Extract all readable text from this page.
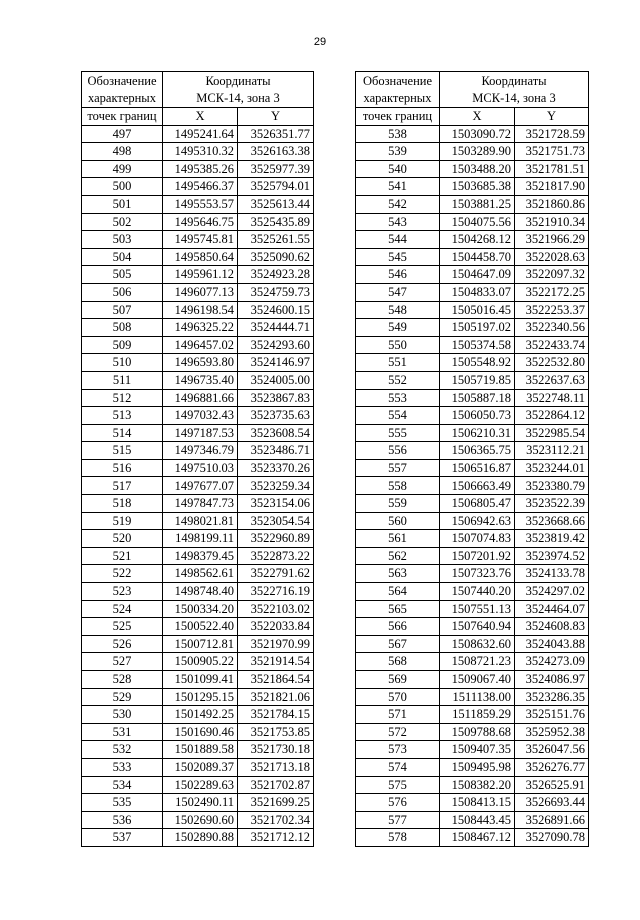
29
Обозначение
характерных	Координаты
МСК-14, зона 3	

точек границ	X	Y
497	1495241.64	3526351.77
498	1495310.32	3526163.38
499	1495385.26	3525977.39
500	1495466.37	3525794.01
501	1495553.57	3525613.44
502	1495646.75	3525435.89
503	1495745.81	3525261.55
504	1495850.64	3525090.62
505	1495961.12	3524923.28
506	1496077.13	3524759.73
507	1496198.54	3524600.15
508	1496325.22	3524444.71
509	1496457.02	3524293.60
510	1496593.80	3524146.97
511	1496735.40	3524005.00
512	1496881.66	3523867.83
513	1497032.43	3523735.63
514	1497187.53	3523608.54
515	1497346.79	3523486.71
516	1497510.03	3523370.26
517	1497677.07	3523259.34
518	1497847.73	3523154.06
519	1498021.81	3523054.54
520	1498199.11	3522960.89
521	1498379.45	3522873.22
522	1498562.61	3522791.62
523	1498748.40	3522716.19
524	1500334.20	3522103.02
525	1500522.40	3522033.84
526	1500712.81	3521970.99
527	1500905.22	3521914.54
528	1501099.41	3521864.54
529	1501295.15	3521821.06
530	1501492.25	3521784.15
531	1501690.46	3521753.85
532	1501889.58	3521730.18
533	1502089.37	3521713.18
534	1502289.63	3521702.87
535	1502490.11	3521699.25
536	1502690.60	3521702.34
537	1502890.88	3521712.12
Обозначение
характерных	Координаты
МСК-14, зона 3	

точек границ	X	Y
538	1503090.72	3521728.59
539	1503289.90	3521751.73
540	1503488.20	3521781.51
541	1503685.38	3521817.90
542	1503881.25	3521860.86
543	1504075.56	3521910.34
544	1504268.12	3521966.29
545	1504458.70	3522028.63
546	1504647.09	3522097.32
547	1504833.07	3522172.25
548	1505016.45	3522253.37
549	1505197.02	3522340.56
550	1505374.58	3522433.74
551	1505548.92	3522532.80
552	1505719.85	3522637.63
553	1505887.18	3522748.11
554	1506050.73	3522864.12
555	1506210.31	3522985.54
556	1506365.75	3523112.21
557	1506516.87	3523244.01
558	1506663.49	3523380.79
559	1506805.47	3523522.39
560	1506942.63	3523668.66
561	1507074.83	3523819.42
562	1507201.92	3523974.52
563	1507323.76	3524133.78
564	1507440.20	3524297.02
565	1507551.13	3524464.07
566	1507640.94	3524608.83
567	1508632.60	3524043.88
568	1508721.23	3524273.09
569	1509067.40	3524086.97
570	1511138.00	3523286.35
571	1511859.29	3525151.76
572	1509788.68	3525952.38
573	1509407.35	3526047.56
574	1509495.98	3526276.77
575	1508382.20	3526525.91
576	1508413.15	3526693.44
577	1508443.45	3526891.66
578	1508467.12	3527090.78
